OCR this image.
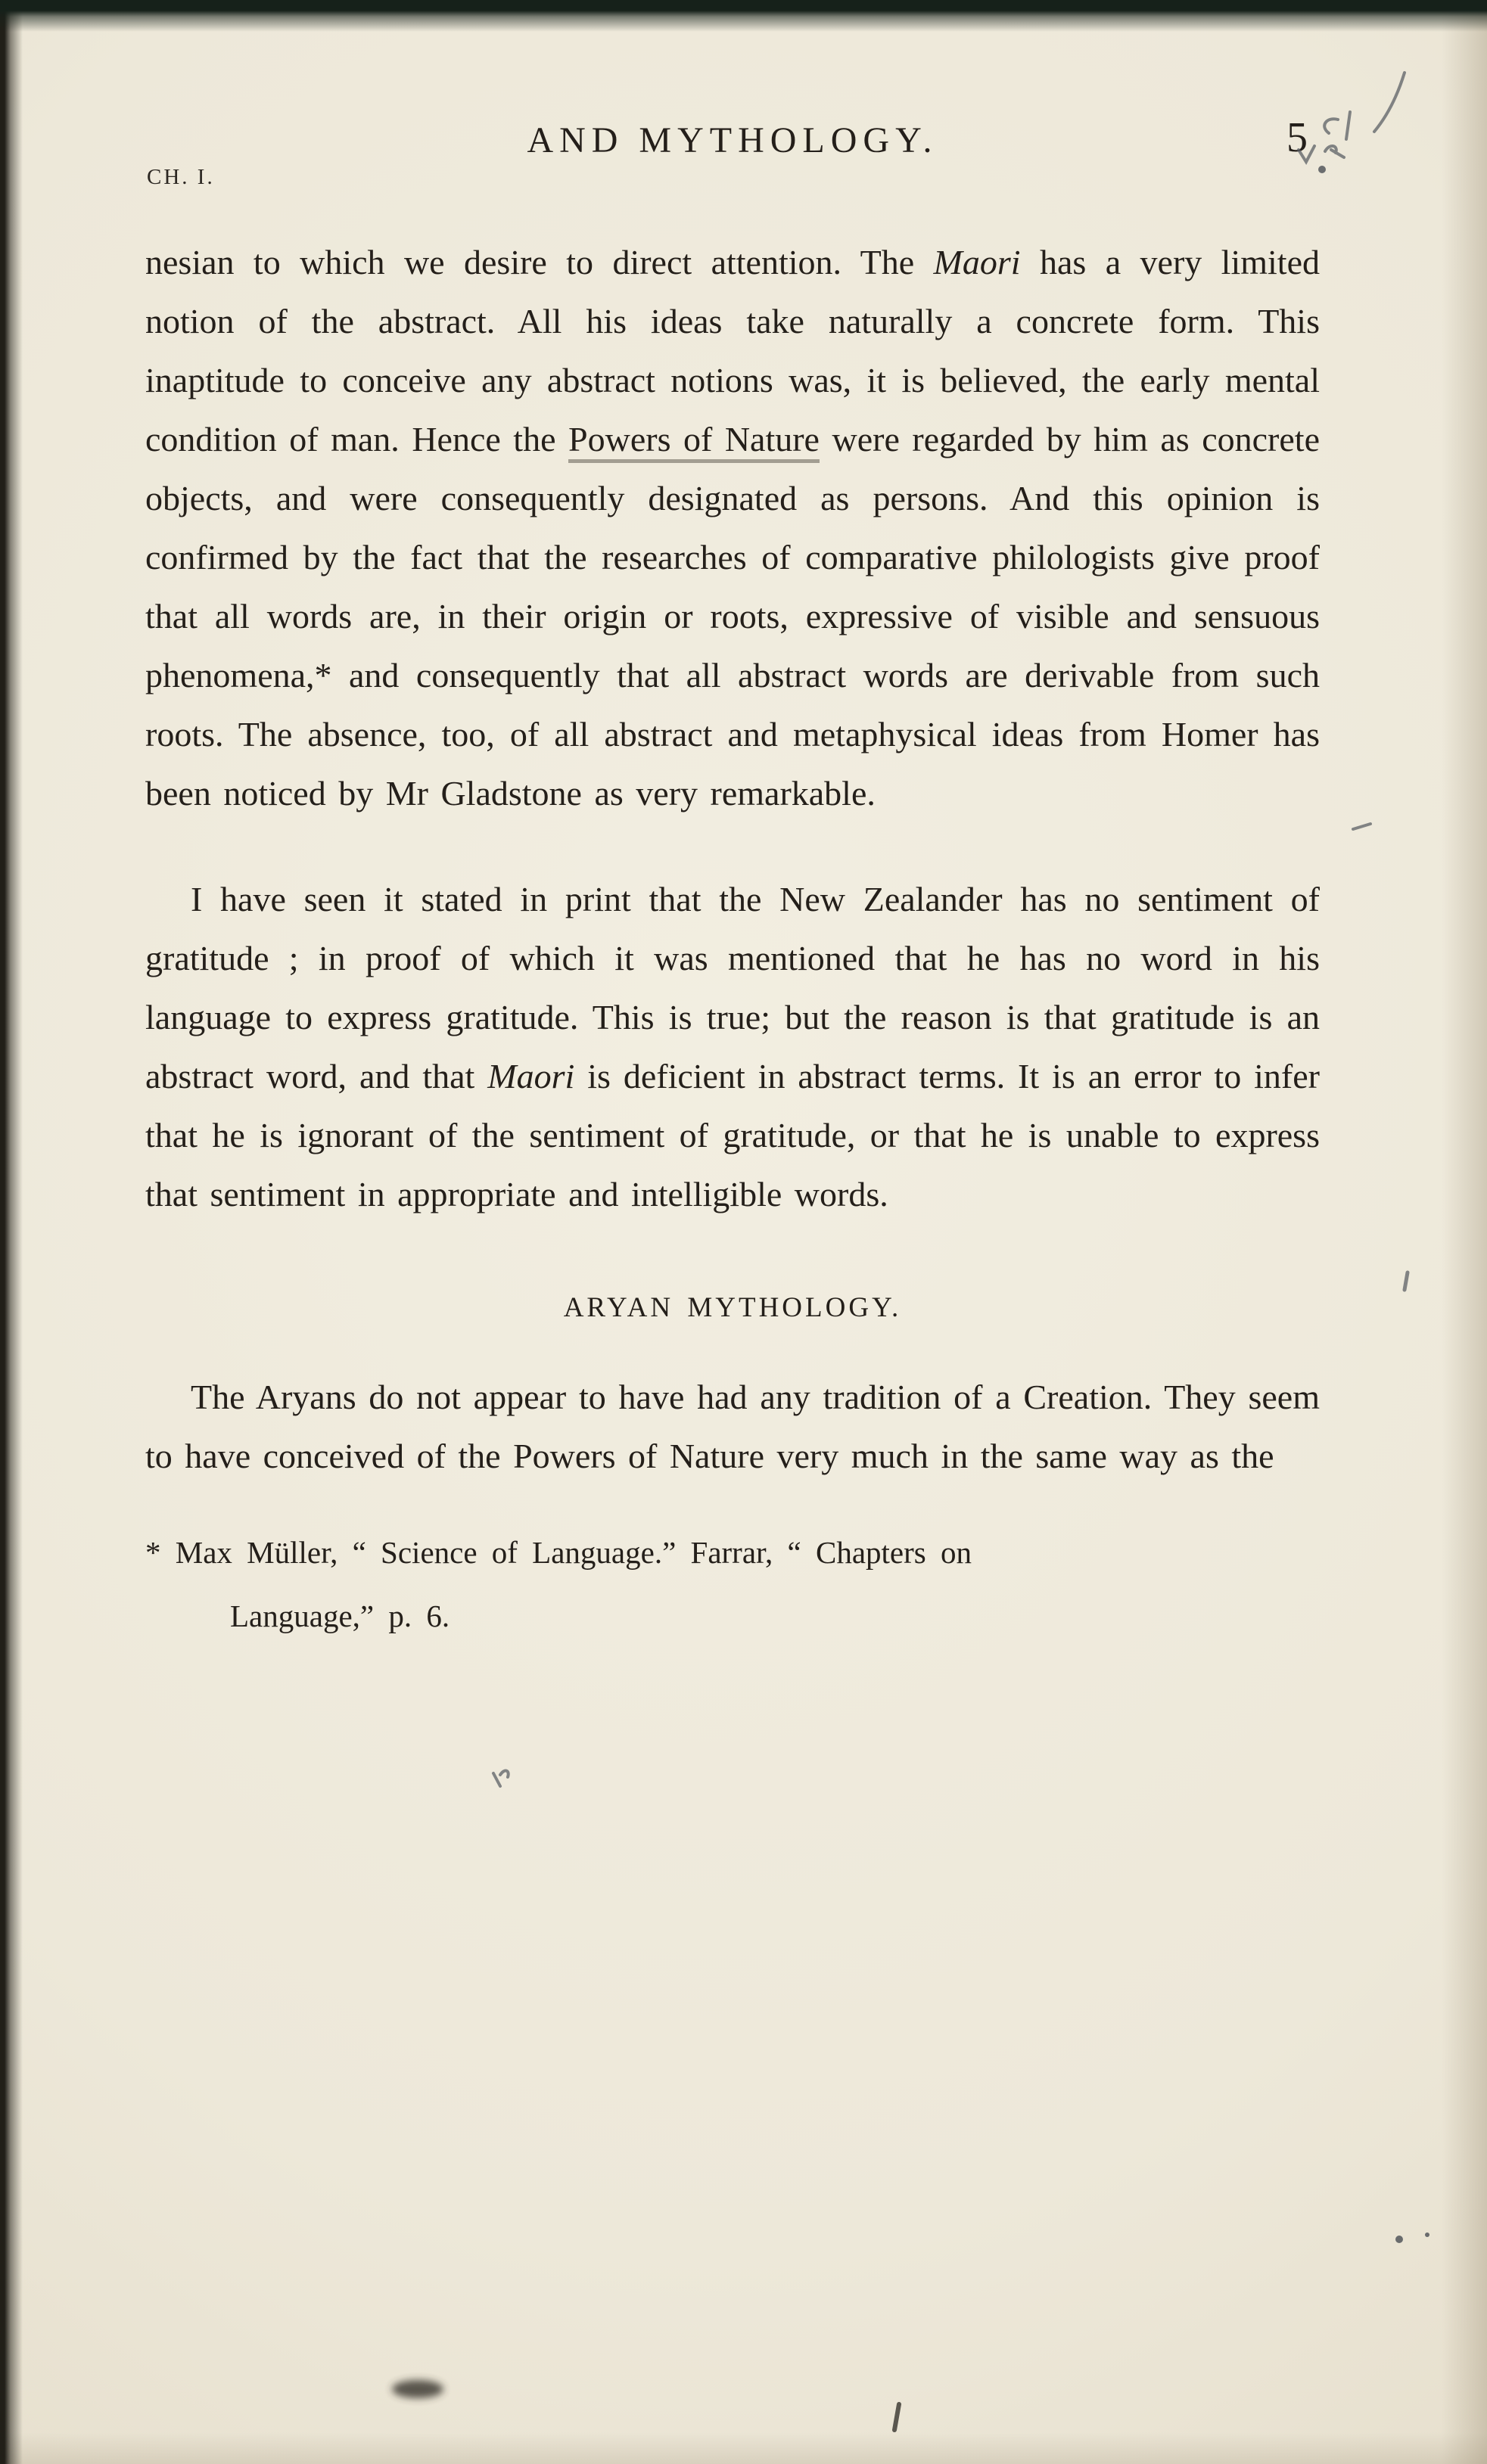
CH. I.
AND MYTHOLOGY.	5

nesian to which we desire to direct attention. The Maori has a very limited notion of the abstract. All his ideas take naturally a concrete form. This inaptitude to conceive any abstract notions was, it is believed, the early mental condition of man. Hence the Powers of Nature were regarded by him as concrete objects, and were consequently designated as persons. And this opinion is confirmed by the fact that the researches of comparative philologists give proof that all words are, in their origin or roots, expressive of visible and sensuous phenomena,* and consequently that all abstract words are derivable from such roots. The absence, too, of all abstract and metaphysical ideas from Homer has been noticed by Mr Gladstone as very remarkable.

I have seen it stated in print that the New Zealander has no sentiment of gratitude ; in proof of which it was mentioned that he has no word in his language to express gratitude. This is true; but the reason is that gratitude is an abstract word, and that Maori is deficient in abstract terms. It is an error to infer that he is ignorant of the sentiment of gratitude, or that he is unable to express that sentiment in appropriate and intelligible words.

ARYAN MYTHOLOGY.

The Aryans do not appear to have had any tradition of a Creation. They seem to have conceived of the Powers of Nature very much in the same way as the

* Max Müller, “ Science of Language.” Farrar, “ Chapters on
Language,” p. 6.
